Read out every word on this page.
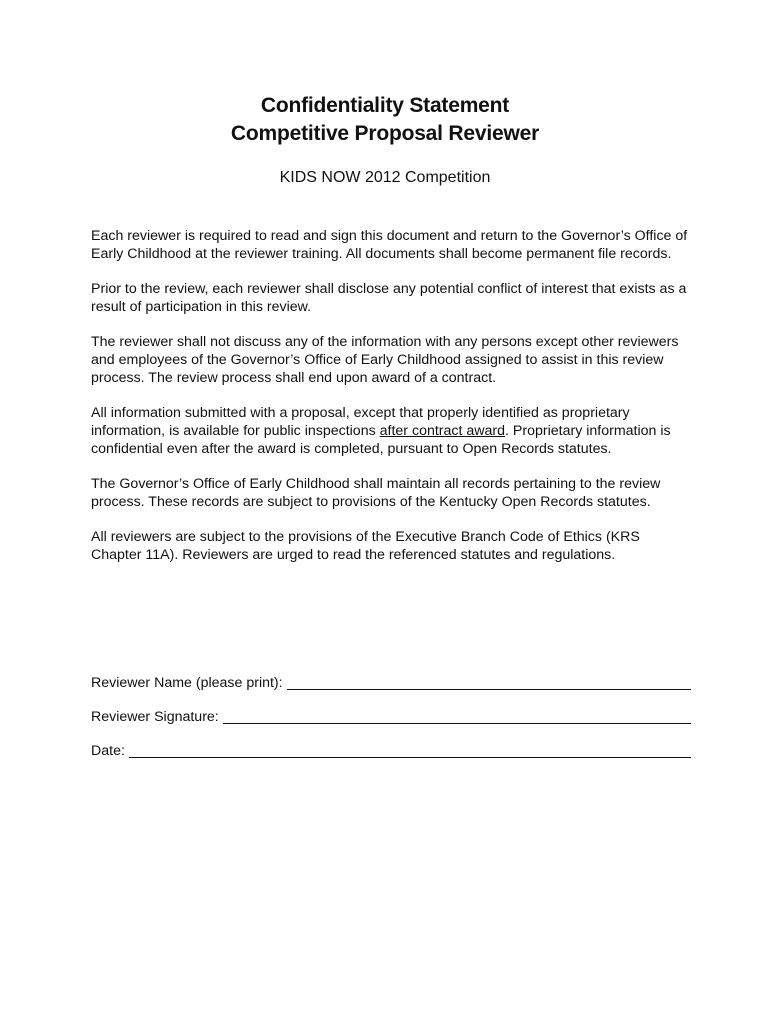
Confidentiality Statement
Competitive Proposal Reviewer
KIDS NOW 2012 Competition

Each reviewer is required to read and sign this document and return to the Governor’s Office of Early Childhood at the reviewer training. All documents shall become permanent file records.

Prior to the review, each reviewer shall disclose any potential conflict of interest that exists as a result of participation in this review.

The reviewer shall not discuss any of the information with any persons except other reviewers and employees of the Governor’s Office of Early Childhood assigned to assist in this review process. The review process shall end upon award of a contract.

All information submitted with a proposal, except that properly identified as proprietary information, is available for public inspections after contract award. Proprietary information is confidential even after the award is completed, pursuant to Open Records statutes.

The Governor’s Office of Early Childhood shall maintain all records pertaining to the review process. These records are subject to provisions of the Kentucky Open Records statutes.

All reviewers are subject to the provisions of the Executive Branch Code of Ethics (KRS Chapter 11A). Reviewers are urged to read the referenced statutes and regulations.

Reviewer Name (please print):
Reviewer Signature:
Date:
